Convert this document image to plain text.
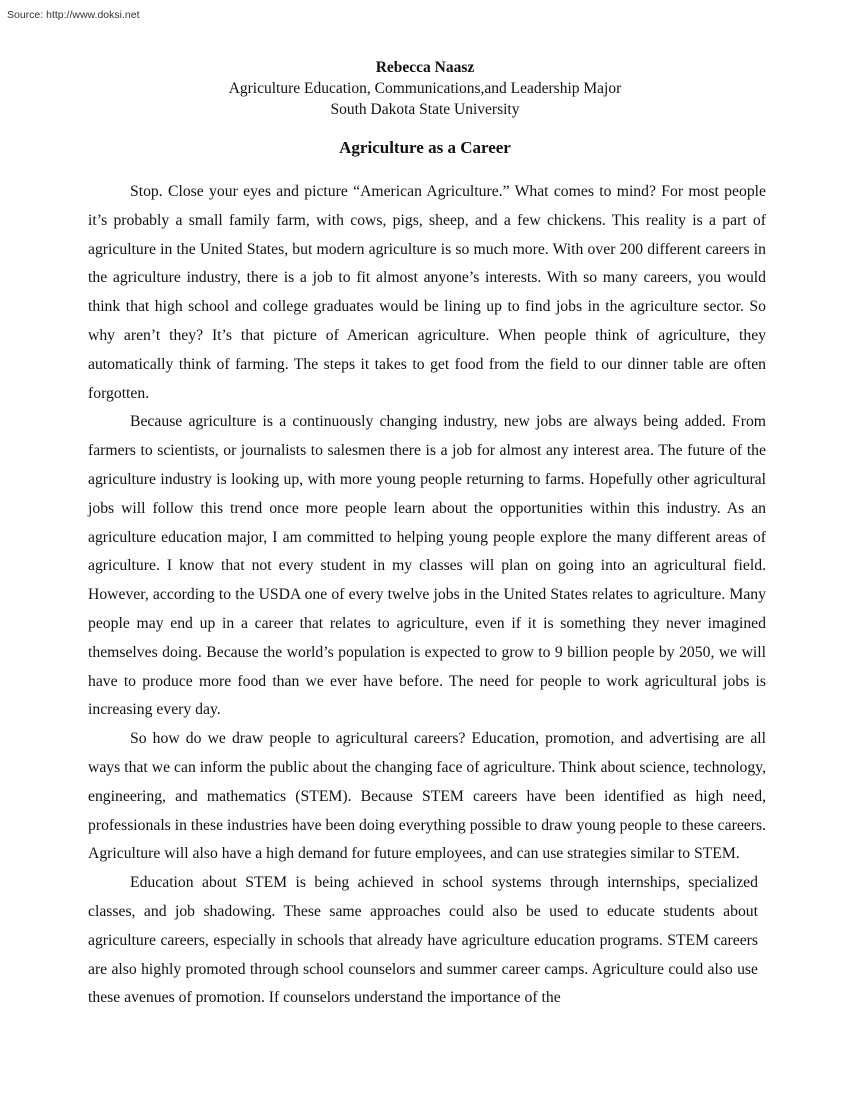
Source: http://www.doksi.net

Rebecca Naasz

Agriculture Education, Communications,and Leadership Major

South Dakota State University

Agriculture as a Career

Stop. Close your eyes and picture “American Agriculture.” What comes to mind? For most people it’s probably a small family farm, with cows, pigs, sheep, and a few chickens. This reality is a part of agriculture in the United States, but modern agriculture is so much more. With over 200 different careers in the agriculture industry, there is a job to fit almost anyone’s interests. With so many careers, you would think that high school and college graduates would be lining up to find jobs in the agriculture sector. So why aren’t they? It’s that picture of American agriculture. When people think of agriculture, they automatically think of farming. The steps it takes to get food from the field to our dinner table are often forgotten.

Because agriculture is a continuously changing industry, new jobs are always being added. From farmers to scientists, or journalists to salesmen there is a job for almost any interest area. The future of the agriculture industry is looking up, with more young people returning to farms. Hopefully other agricultural jobs will follow this trend once more people learn about the opportunities within this industry. As an agriculture education major, I am committed to helping young people explore the many different areas of agriculture. I know that not every student in my classes will plan on going into an agricultural field. However, according to the USDA one of every twelve jobs in the United States relates to agriculture. Many people may end up in a career that relates to agriculture, even if it is something they never imagined themselves doing. Because the world’s population is expected to grow to 9 billion people by 2050, we will have to produce more food than we ever have before. The need for people to work agricultural jobs is increasing every day.

So how do we draw people to agricultural careers? Education, promotion, and advertising are all ways that we can inform the public about the changing face of agriculture. Think about science, technology, engineering, and mathematics (STEM). Because STEM careers have been identified as high need, professionals in these industries have been doing everything possible to draw young people to these careers. Agriculture will also have a high demand for future employees, and can use strategies similar to STEM.

Education about STEM is being achieved in school systems through internships, specialized classes, and job shadowing. These same approaches could also be used to educate students about agriculture careers, especially in schools that already have agriculture education programs. STEM careers are also highly promoted through school counselors and summer career camps. Agriculture could also use these avenues of promotion. If counselors understand the importance of the
